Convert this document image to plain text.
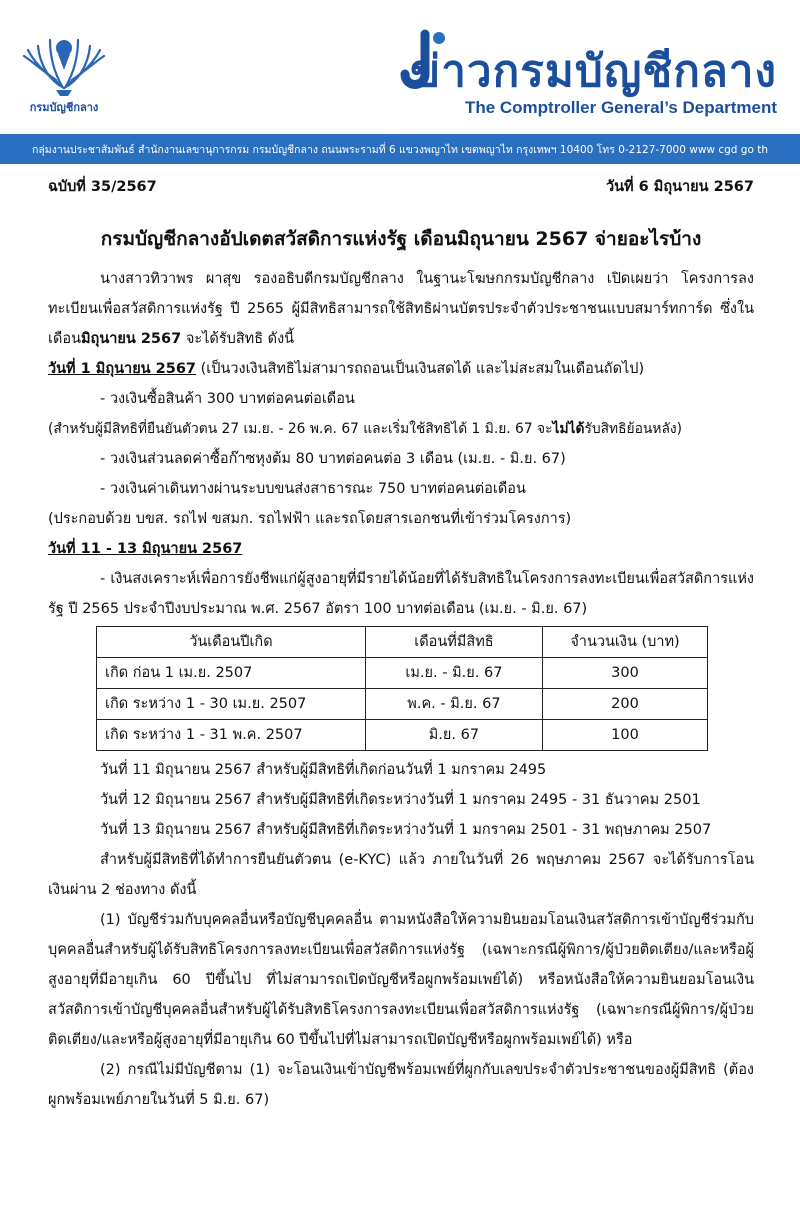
กรมบัญชีกลาง
ข่าวกรมบัญชีกลาง
The Comptroller General’s Department
กลุ่มงานประชาสัมพันธ์ สำนักงานเลขานุการกรม กรมบัญชีกลาง ถนนพระรามที่ 6 แขวงพญาไท เขตพญาไท กรุงเทพฯ 10400 โทร 0-2127-7000 www cgd go th
ฉบับที่ 35/2567	วันที่ 6 มิถุนายน 2567
กรมบัญชีกลางอัปเดตสวัสดิการแห่งรัฐ เดือนมิถุนายน 2567 จ่ายอะไรบ้าง

นางสาวทิวาพร ผาสุข รองอธิบดีกรมบัญชีกลาง ในฐานะโฆษกกรมบัญชีกลาง เปิดเผยว่า โครงการลงทะเบียนเพื่อสวัสดิการแห่งรัฐ ปี 2565 ผู้มีสิทธิสามารถใช้สิทธิผ่านบัตรประจำตัวประชาชนแบบสมาร์ทการ์ด ซึ่งในเดือนมิถุนายน 2567 จะได้รับสิทธิ ดังนี้

วันที่ 1 มิถุนายน 2567 (เป็นวงเงินสิทธิไม่สามารถถอนเป็นเงินสดได้ และไม่สะสมในเดือนถัดไป)

- วงเงินซื้อสินค้า 300 บาทต่อคนต่อเดือน

(สำหรับผู้มีสิทธิที่ยืนยันตัวตน 27 เม.ย. - 26 พ.ค. 67 และเริ่มใช้สิทธิได้ 1 มิ.ย. 67 จะไม่ได้รับสิทธิย้อนหลัง)

- วงเงินส่วนลดค่าซื้อก๊าซหุงต้ม 80 บาทต่อคนต่อ 3 เดือน (เม.ย. - มิ.ย. 67)

- วงเงินค่าเดินทางผ่านระบบขนส่งสาธารณะ 750 บาทต่อคนต่อเดือน

(ประกอบด้วย บขส. รถไฟ ขสมก. รถไฟฟ้า และรถโดยสารเอกชนที่เข้าร่วมโครงการ)

วันที่ 11 - 13 มิถุนายน 2567

- เงินสงเคราะห์เพื่อการยังชีพแก่ผู้สูงอายุที่มีรายได้น้อยที่ได้รับสิทธิในโครงการลงทะเบียนเพื่อสวัสดิการแห่งรัฐ ปี 2565 ประจำปีงบประมาณ พ.ศ. 2567 อัตรา 100 บาทต่อเดือน (เม.ย. - มิ.ย. 67)

วันเดือนปีเกิด	เดือนที่มีสิทธิ	จำนวนเงิน (บาท)
เกิด ก่อน 1 เม.ย. 2507	เม.ย. - มิ.ย. 67	300
เกิด ระหว่าง 1 - 30 เม.ย. 2507	พ.ค. - มิ.ย. 67	200
เกิด ระหว่าง 1 - 31 พ.ค. 2507	มิ.ย. 67	100

วันที่ 11 มิถุนายน 2567 สำหรับผู้มีสิทธิที่เกิดก่อนวันที่ 1 มกราคม 2495

วันที่ 12 มิถุนายน 2567 สำหรับผู้มีสิทธิที่เกิดระหว่างวันที่ 1 มกราคม 2495 - 31 ธันวาคม 2501

วันที่ 13 มิถุนายน 2567 สำหรับผู้มีสิทธิที่เกิดระหว่างวันที่ 1 มกราคม 2501 - 31 พฤษภาคม 2507

สำหรับผู้มีสิทธิที่ได้ทำการยืนยันตัวตน (e-KYC) แล้ว ภายในวันที่ 26 พฤษภาคม 2567 จะได้รับการโอนเงินผ่าน 2 ช่องทาง ดังนี้

(1) บัญชีร่วมกับบุคคลอื่นหรือบัญชีบุคคลอื่น ตามหนังสือให้ความยินยอมโอนเงินสวัสดิการเข้าบัญชีร่วมกับบุคคลอื่นสำหรับผู้ได้รับสิทธิโครงการลงทะเบียนเพื่อสวัสดิการแห่งรัฐ (เฉพาะกรณีผู้พิการ/ผู้ป่วยติดเตียง/และหรือผู้สูงอายุที่มีอายุเกิน 60 ปีขึ้นไป ที่ไม่สามารถเปิดบัญชีหรือผูกพร้อมเพย์ได้) หรือหนังสือให้ความยินยอมโอนเงินสวัสดิการเข้าบัญชีบุคคลอื่นสำหรับผู้ได้รับสิทธิโครงการลงทะเบียนเพื่อสวัสดิการแห่งรัฐ (เฉพาะกรณีผู้พิการ/ผู้ป่วยติดเตียง/และหรือผู้สูงอายุที่มีอายุเกิน 60 ปีขึ้นไปที่ไม่สามารถเปิดบัญชีหรือผูกพร้อมเพย์ได้) หรือ

(2) กรณีไม่มีบัญชีตาม (1) จะโอนเงินเข้าบัญชีพร้อมเพย์ที่ผูกกับเลขประจำตัวประชาชนของผู้มีสิทธิ (ต้องผูกพร้อมเพย์ภายในวันที่ 5 มิ.ย. 67)
